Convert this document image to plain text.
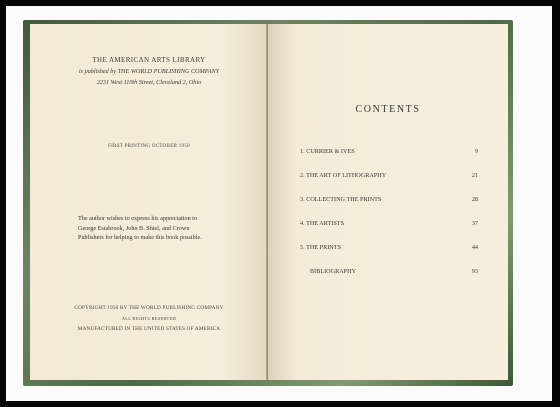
THE AMERICAN ARTS LIBRARY
is published by THE WORLD PUBLISHING COMPANY
2231 West 110th Street, Cleveland 2, Ohio
FIRST PRINTING OCTOBER 1950
The author wishes to express his appreciation to
George Estabrook, John B. Shiel, and Crown
Publishers for helping to make this book possible.
COPYRIGHT 1950 BY THE WORLD PUBLISHING COMPANY
ALL RIGHTS RESERVED
MANUFACTURED IN THE UNITED STATES OF AMERICA
CONTENTS
1. CURRIER & IVES	9
2. THE ART OF LITHOGRAPHY	21
3. COLLECTING THE PRINTS	28
4. THE ARTISTS	37
5. THE PRINTS	44
BIBLIOGRAPHY	93
